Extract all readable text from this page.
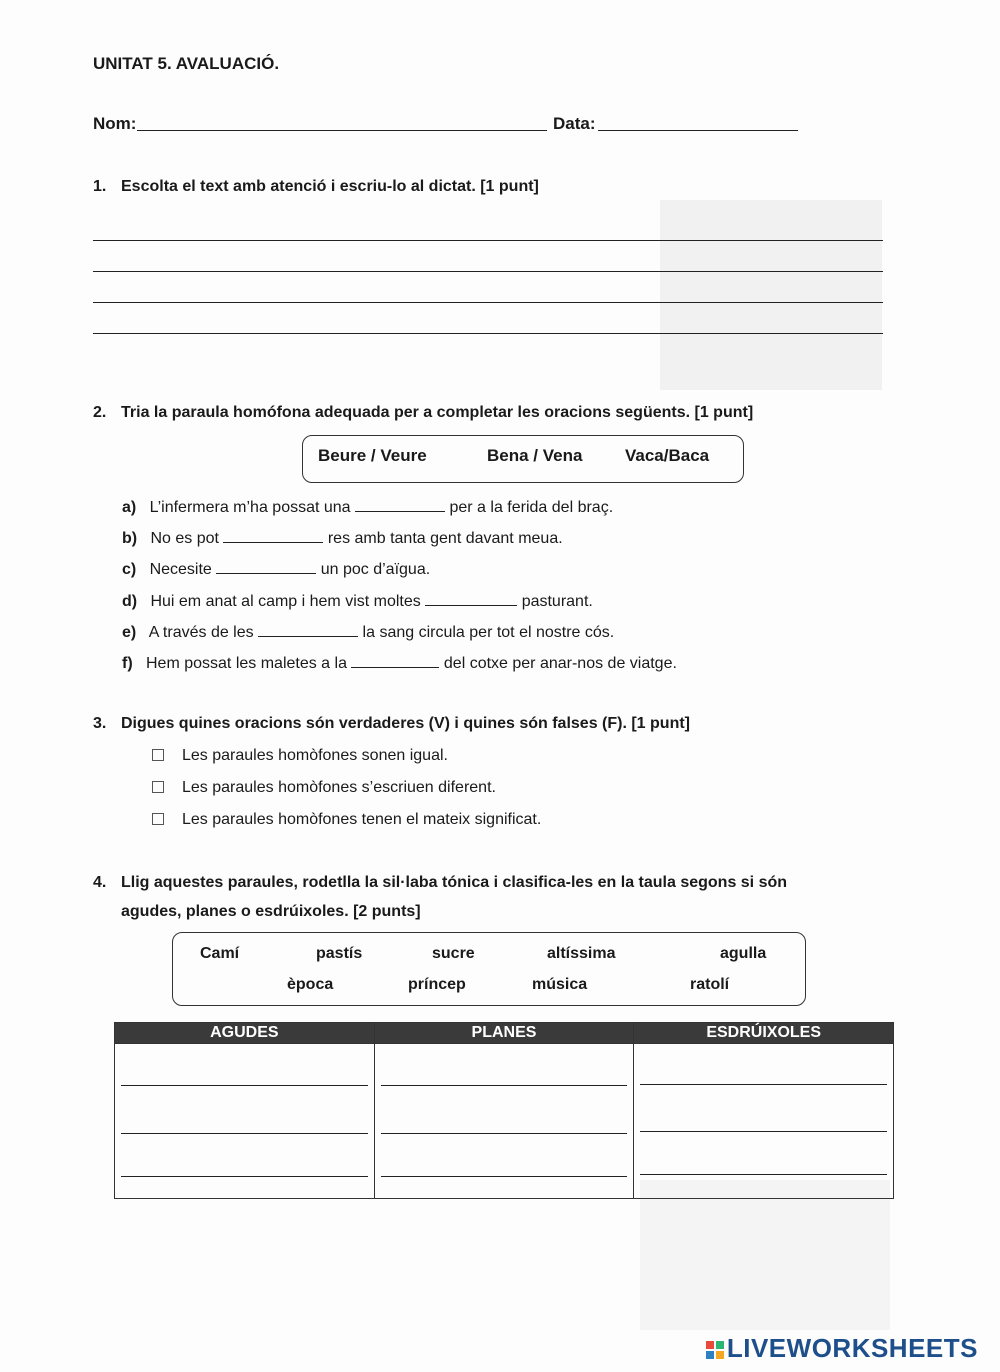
UNITAT 5. AVALUACIÓ.
Nom:	Data:
1. Escolta el text amb atenció i escriu-lo al dictat. [1 punt]
2. Tria la paraula homófona adequada per a completar les oracions següents. [1 punt]
Beure / Veure	Bena / Vena	Vaca/Baca
a) L’infermera m’ha possat una	per a la ferida del braç.
b) No es pot	res amb tanta gent davant meua.
c) Necesite	un poc d’aïgua.
d) Hui em anat al camp i hem vist moltes	pasturant.
e) A través de les	la sang circula per tot el nostre cós.
f) Hem possat les maletes a la	del cotxe per anar-nos de viatge.
3. Digues quines oracions són verdaderes (V) i quines són falses (F). [1 punt]
Les paraules homòfones sonen igual.
Les paraules homòfones s’escriuen diferent.
Les paraules homòfones tenen el mateix significat.
4. Llig aquestes paraules, rodetlla la sil·laba tónica i clasifica-les en la taula segons si són
agudes, planes o esdrúixoles. [2 punts]
Camí	pastís	sucre	altíssima	agulla
època	príncep	música	ratolí
AGUDES	PLANES	ESDRÚIXOLES

LIVEWORKSHEETS
